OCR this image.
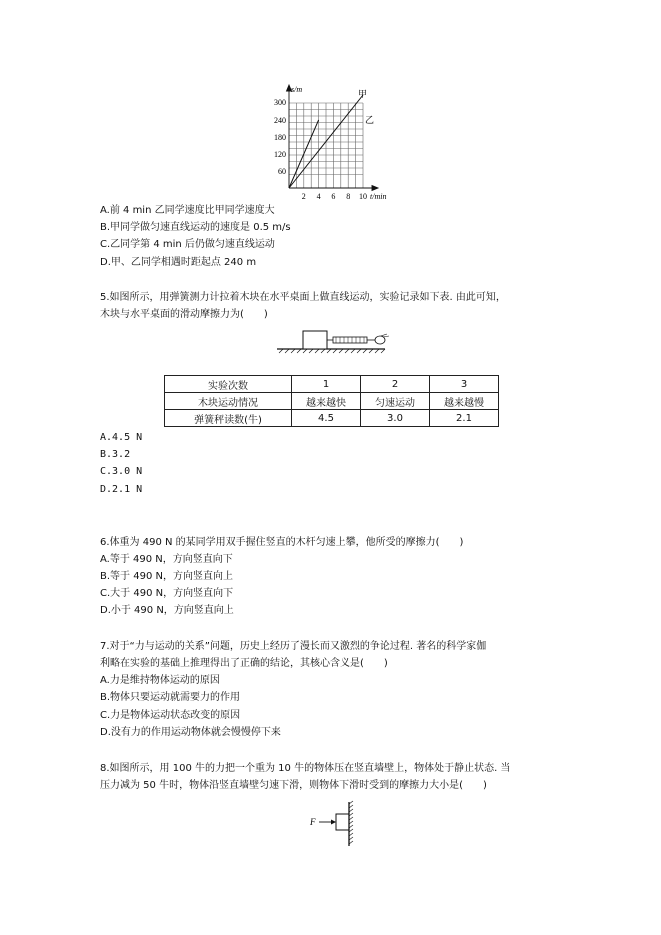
s/m
t/min
甲
乙
300
240
180
120
60
2 4 6 8 10
A.前 4 min 乙同学速度比甲同学速度大
B.甲同学做匀速直线运动的速度是 0.5 m/s
C.乙同学第 4 min 后仍做匀速直线运动
D.甲、乙同学相遇时距起点 240 m
5.如图所示，用弹簧测力计拉着木块在水平桌面上做直线运动，实验记录如下表. 由此可知，
木块与水平桌面的滑动摩擦力为(　　)
实验次数	1	2	3
木块运动情况	越来越快	匀速运动	越来越慢
弹簧秤读数(牛)	4.5	3.0	2.1
A.4.5 N
B.3.2
C.3.0 N
D.2.1 N
6.体重为 490 N 的某同学用双手握住竖直的木杆匀速上攀，他所受的摩擦力(　　)
A.等于 490 N，方向竖直向下
B.等于 490 N，方向竖直向上
C.大于 490 N，方向竖直向下
D.小于 490 N，方向竖直向上
7.对于“力与运动的关系”问题，历史上经历了漫长而又激烈的争论过程. 著名的科学家伽
利略在实验的基础上推理得出了正确的结论，其核心含义是(　　)
A.力是维持物体运动的原因
B.物体只要运动就需要力的作用
C.力是物体运动状态改变的原因
D.没有力的作用运动物体就会慢慢停下来
8.如图所示，用 100 牛的力把一个重为 10 牛的物体压在竖直墙壁上，物体处于静止状态. 当
压力减为 50 牛时，物体沿竖直墙壁匀速下滑，则物体下滑时受到的摩擦力大小是(　　)
F
